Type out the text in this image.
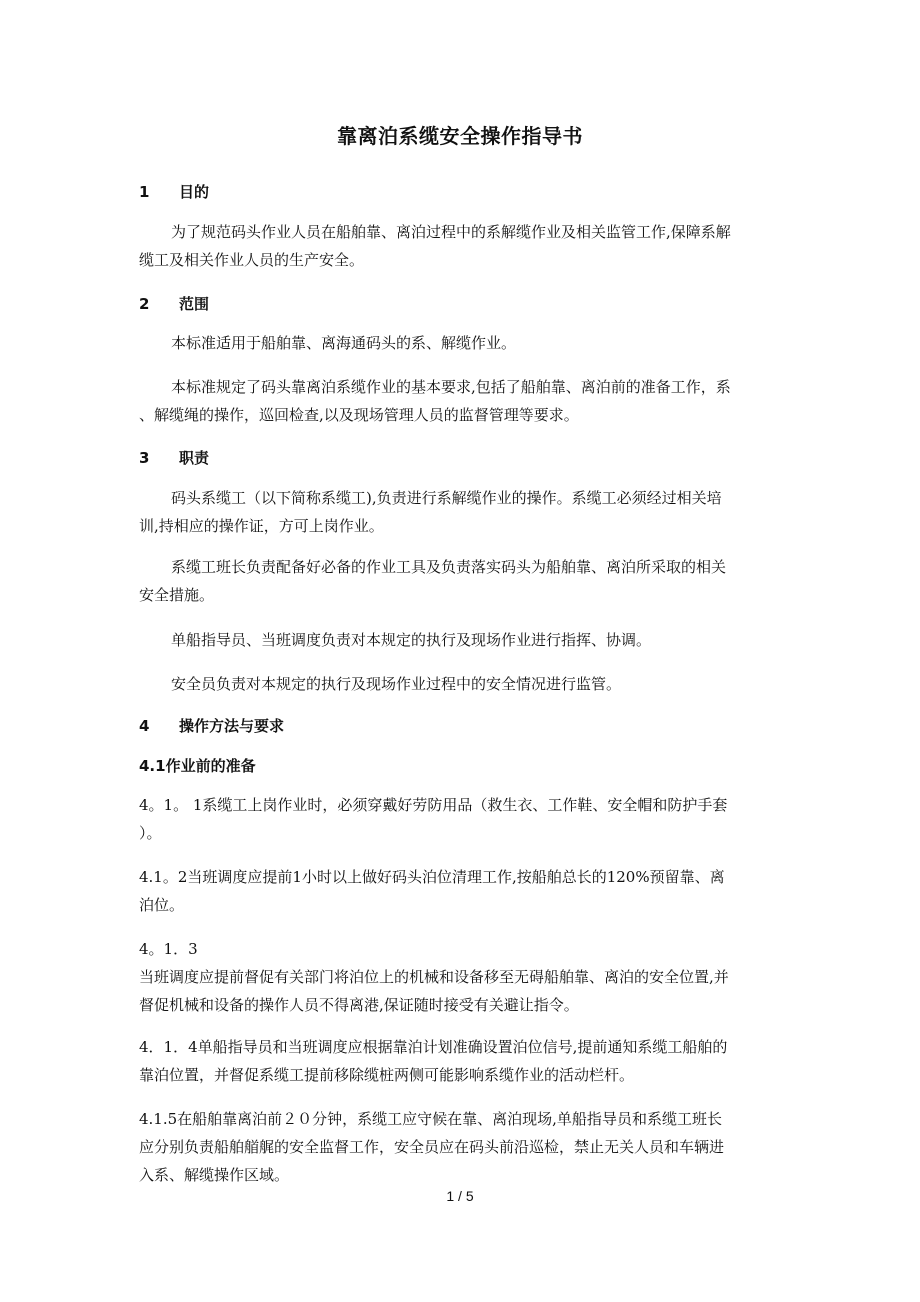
靠离泊系缆安全操作指导书
1 目的
为了规范码头作业人员在船舶靠、离泊过程中的系解缆作业及相关监管工作,保障系解
缆工及相关作业人员的生产安全。
2 范围
本标准适用于船舶靠、离海通码头的系、解缆作业。
本标准规定了码头靠离泊系缆作业的基本要求,包括了船舶靠、离泊前的准备工作，系
、解缆绳的操作，巡回检查,以及现场管理人员的监督管理等要求。
3 职责
码头系缆工（以下简称系缆工),负责进行系解缆作业的操作。系缆工必须经过相关培
训,持相应的操作证，方可上岗作业。
系缆工班长负责配备好必备的作业工具及负责落实码头为船舶靠、离泊所采取的相关
安全措施。
单船指导员、当班调度负责对本规定的执行及现场作业进行指挥、协调。
安全员负责对本规定的执行及现场作业过程中的安全情况进行监管。
4 操作方法与要求
4.1作业前的准备
4。1。 1系缆工上岗作业时，必须穿戴好劳防用品（救生衣、工作鞋、安全帽和防护手套
）。
4.1。2当班调度应提前1小时以上做好码头泊位清理工作,按船舶总长的120%预留靠、离
泊位。
4。1．3
当班调度应提前督促有关部门将泊位上的机械和设备移至无碍船舶靠、离泊的安全位置,并
督促机械和设备的操作人员不得离港,保证随时接受有关避让指令。
4．1．4单船指导员和当班调度应根据靠泊计划准确设置泊位信号,提前通知系缆工船舶的
靠泊位置，并督促系缆工提前移除缆桩两侧可能影响系缆作业的活动栏杆。
4.1.5在船舶靠离泊前２０分钟，系缆工应守候在靠、离泊现场,单船指导员和系缆工班长
应分别负责船舶艏艉的安全监督工作，安全员应在码头前沿巡检，禁止无关人员和车辆进
入系、解缆操作区域。
1 / 5
